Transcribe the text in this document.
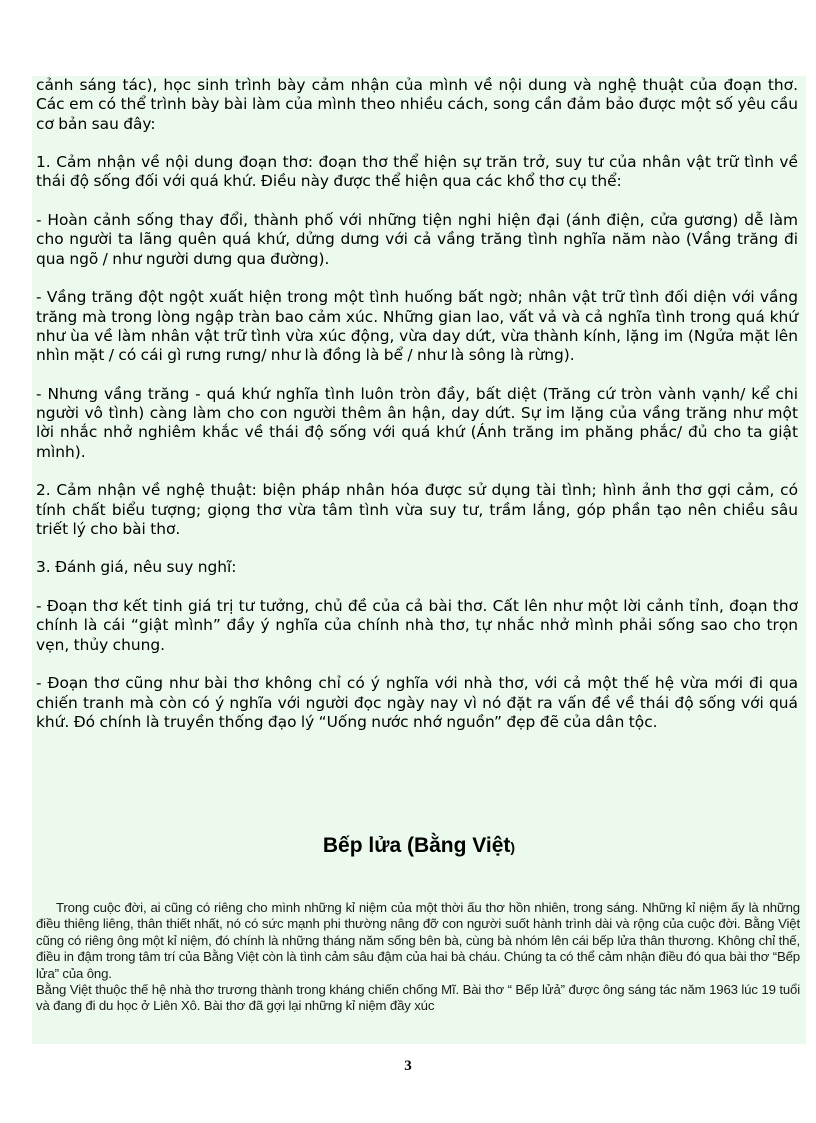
cảnh sáng tác), học sinh trình bày cảm nhận của mình về nội dung và nghệ thuật của đoạn thơ. Các em có thể trình bày bài làm của mình theo nhiều cách, song cần đảm bảo được một số yêu cầu cơ bản sau đây:

1. Cảm nhận về nội dung đoạn thơ: đoạn thơ thể hiện sự trăn trở, suy tư của nhân vật trữ tình về thái độ sống đối với quá khứ. Điều này được thể hiện qua các khổ thơ cụ thể:

- Hoàn cảnh sống thay đổi, thành phố với những tiện nghi hiện đại (ánh điện, cửa gương) dễ làm cho người ta lãng quên quá khứ, dửng dưng với cả vầng trăng tình nghĩa năm nào (Vầng trăng đi qua ngõ / như người dưng qua đường).

- Vầng trăng đột ngột xuất hiện trong một tình huống bất ngờ; nhân vật trữ tình đối diện với vầng trăng mà trong lòng ngập tràn bao cảm xúc. Những gian lao, vất vả và cả nghĩa tình trong quá khứ như ùa về làm nhân vật trữ tình vừa xúc động, vừa day dứt, vừa thành kính, lặng im (Ngửa mặt lên nhìn mặt / có cái gì rưng rưng/ như là đồng là bể / như là sông là rừng).

- Nhưng vầng trăng - quá khứ nghĩa tình luôn tròn đầy, bất diệt (Trăng cứ tròn vành vạnh/ kể chi người vô tình) càng làm cho con người thêm ân hận, day dứt. Sự im lặng của vầng trăng như một lời nhắc nhở nghiêm khắc về thái độ sống với quá khứ (Ánh trăng im phăng phắc/ đủ cho ta giật mình).

2. Cảm nhận về nghệ thuật: biện pháp nhân hóa được sử dụng tài tình; hình ảnh thơ gợi cảm, có tính chất biểu tượng; giọng thơ vừa tâm tình vừa suy tư, trầm lắng, góp phần tạo nên chiều sâu triết lý cho bài thơ.

3. Đánh giá, nêu suy nghĩ:

- Đoạn thơ kết tinh giá trị tư tưởng, chủ đề của cả bài thơ. Cất lên như một lời cảnh tỉnh, đoạn thơ chính là cái “giật mình” đầy ý nghĩa của chính nhà thơ, tự nhắc nhở mình phải sống sao cho trọn vẹn, thủy chung.

- Đoạn thơ cũng như bài thơ không chỉ có ý nghĩa với nhà thơ, với cả một thế hệ vừa mới đi qua chiến tranh mà còn có ý nghĩa với người đọc ngày nay vì nó đặt ra vấn đề về thái độ sống với quá khứ. Đó chính là truyền thống đạo lý “Uống nước nhớ nguồn” đẹp đẽ của dân tộc.

Bếp lửa (Bằng Việt)

Trong cuộc đời, ai cũng có riêng cho mình những kỉ niệm của một thời ấu thơ hồn nhiên, trong sáng. Những kỉ niệm ấy là những điều thiêng liêng, thân thiết nhất, nó có sức mạnh phi thường nâng đỡ con người suốt hành trình dài và rộng của cuộc đời. Bằng Việt cũng có riêng ông một kỉ niệm, đó chính là những tháng năm sống bên bà, cùng bà nhóm lên cái bếp lửa thân thương. Không chỉ thế, điều in đậm trong tâm trí của Bằng Việt còn là tình cảm sâu đậm của hai bà cháu. Chúng ta có thể cảm nhận điều đó qua bài thơ “Bếp lửa” của ông.

Bằng Việt thuộc thế hệ nhà thơ trương thành trong kháng chiến chống Mĩ. Bài thơ “ Bếp lửả” được ông sáng tác năm 1963 lúc 19 tuổi và đang đi du học ở Liên Xô. Bài thơ đã gợi lại những kỉ niệm đầy xúc

3
